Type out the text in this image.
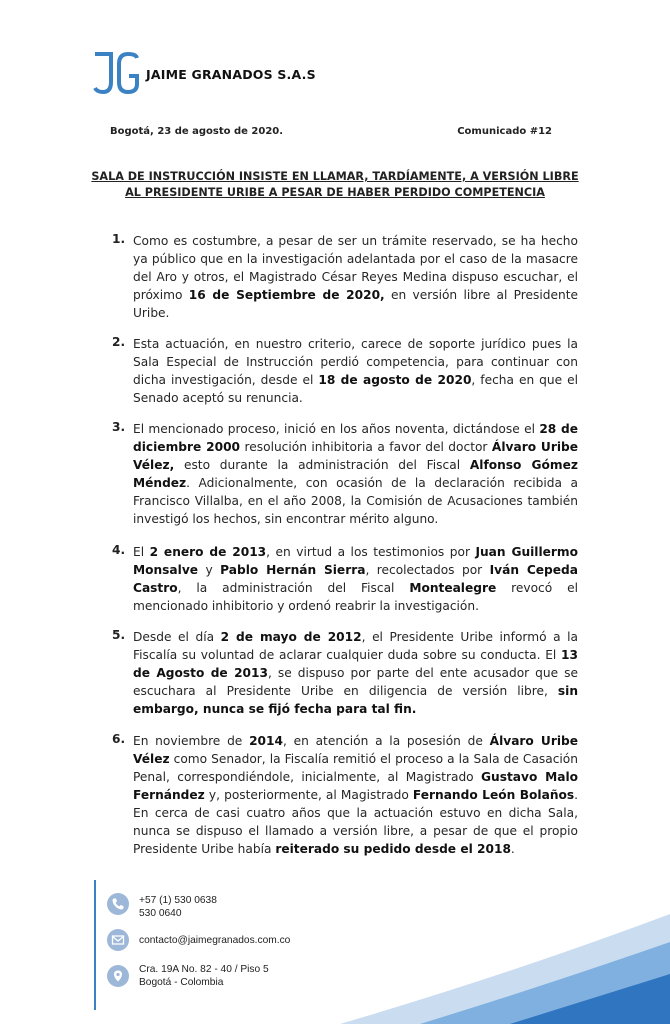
JAIME GRANADOS S.A.S
Bogotá, 23 de agosto de 2020.	Comunicado #12
SALA DE INSTRUCCIÓN INSISTE EN LLAMAR, TARDÍAMENTE, A VERSIÓN LIBRE
AL PRESIDENTE URIBE A PESAR DE HABER PERDIDO COMPETENCIA
1. Como es costumbre, a pesar de ser un trámite reservado, se ha hecho ya público que en la investigación adelantada por el caso de la masacre del Aro y otros, el Magistrado César Reyes Medina dispuso escuchar, el próximo 16 de Septiembre de 2020, en versión libre al Presidente Uribe.

2. Esta actuación, en nuestro criterio, carece de soporte jurídico pues la Sala Especial de Instrucción perdió competencia, para continuar con dicha investigación, desde el 18 de agosto de 2020, fecha en que el Senado aceptó su renuncia.

3. El mencionado proceso, inició en los años noventa, dictándose el 28 de diciembre 2000 resolución inhibitoria a favor del doctor Álvaro Uribe Vélez, esto durante la administración del Fiscal Alfonso Gómez Méndez. Adicionalmente, con ocasión de la declaración recibida a Francisco Villalba, en el año 2008, la Comisión de Acusaciones también investigó los hechos, sin encontrar mérito alguno.

4. El 2 enero de 2013, en virtud a los testimonios por Juan Guillermo Monsalve y Pablo Hernán Sierra, recolectados por Iván Cepeda Castro, la administración del Fiscal Montealegre revocó el mencionado inhibitorio y ordenó reabrir la investigación.

5. Desde el día 2 de mayo de 2012, el Presidente Uribe informó a la Fiscalía su voluntad de aclarar cualquier duda sobre su conducta. El 13 de Agosto de 2013, se dispuso por parte del ente acusador que se escuchara al Presidente Uribe en diligencia de versión libre, sin embargo, nunca se fijó fecha para tal fin.

6. En noviembre de 2014, en atención a la posesión de Álvaro Uribe Vélez como Senador, la Fiscalía remitió el proceso a la Sala de Casación Penal, correspondiéndole, inicialmente, al Magistrado Gustavo Malo Fernández y, posteriormente, al Magistrado Fernando León Bolaños. En cerca de casi cuatro años que la actuación estuvo en dicha Sala, nunca se dispuso el llamado a versión libre, a pesar de que el propio Presidente Uribe había reiterado su pedido desde el 2018.

+57 (1) 530 0638
530 0640
contacto@jaimegranados.com.co
Cra. 19A No. 82 - 40 / Piso 5
Bogotá - Colombia
